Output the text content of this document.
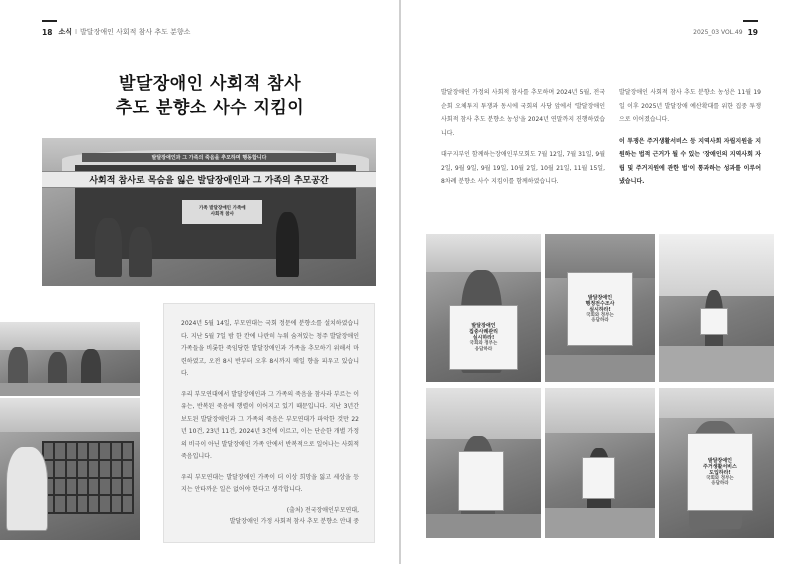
18 소식 I 발달장애인 사회적 참사 추도 분향소
발달장애인 사회적 참사
추도 분향소 사수 지킴이
발달장애인과 그 가족의 죽음을 추모하며 행동합니다
사회적 참사로 목숨을 잃은 발달장애인과 그 가족의 추모공간
가족 발달장애인 가족에
사회적 참사

2024년 5월 14일, 부모연대는 국회 정문에 분향소를 설치하였습니다. 지난 5월 7일 밤 한 칸에 나란히 누워 숨져있는 청주 발달장애인 가족들을 비롯한 죽임당한 발달장애인과 가족을 추모하기 위해서 마련하였고, 오전 8시 반부터 오후 8시까지 매일 향을 피우고 있습니다.

우리 부모연대에서 발달장애인과 그 가족의 죽음을 참사라 부르는 이유는, 반복된 죽음에 행렬이 이어지고 있기 때문입니다. 지난 3년간 보도된 발달장애인과 그 가족의 죽음은 부모연대가 파악한 것만 22년 10건, 23년 11건, 2024년 3건에 이르고, 이는 단순한 개별 가정의 비극이 아닌 발달장애인 가족 안에서 반복적으로 일어나는 사회적 죽음입니다.

우리 부모연대는 발달장애인 가족이 더 이상 희망을 잃고 세상을 등지는 안타까운 일은 없어야 한다고 생각합니다.

(출처) 전국장애인부모연대,

발달장애인 가정 사회적 참사 추모 분향소 안내 중

2025_03 VOL.49 19

발달장애인 가정의 사회적 참사를 추모하며 2024년 5월, 전국순회 오체투지 투쟁과 동시에 국회의 사당 앞에서 '발달장애인 사회적 참사 추도 분향소 농성'을 2024년 연말까지 진행하였습니다.

대구지부인 함께하는장애인부모회도 7월 12일, 7월 31일, 9월 2일, 9월 9일, 9월 19일, 10월 2일, 10월 21일, 11월 15일, 8차례 분향소 사수 지킴이를 함께하였습니다.

발달장애인 사회적 참사 추도 분향소 농성은 11월 19일 이후 2025년 발달장애 예산확대를 위한 집중 투쟁으로 이어졌습니다.

이 투쟁은 주거생활서비스 등 지역사회 자립지원을 지원하는 법적 근거가 될 수 있는 '장애인의 지역사회 자립 및 주거지원에 관한 법'이 통과하는 성과를 이루어냈습니다.

발달장애인
집중사례관리
실시하라!
국회와 정부는
응답하라
발달장애인
행정전수조사
실시하라!
국회와 정부는
응답하라
발달장애인
주거생활서비스
도입하라!
국회와 정부는
응답하라
